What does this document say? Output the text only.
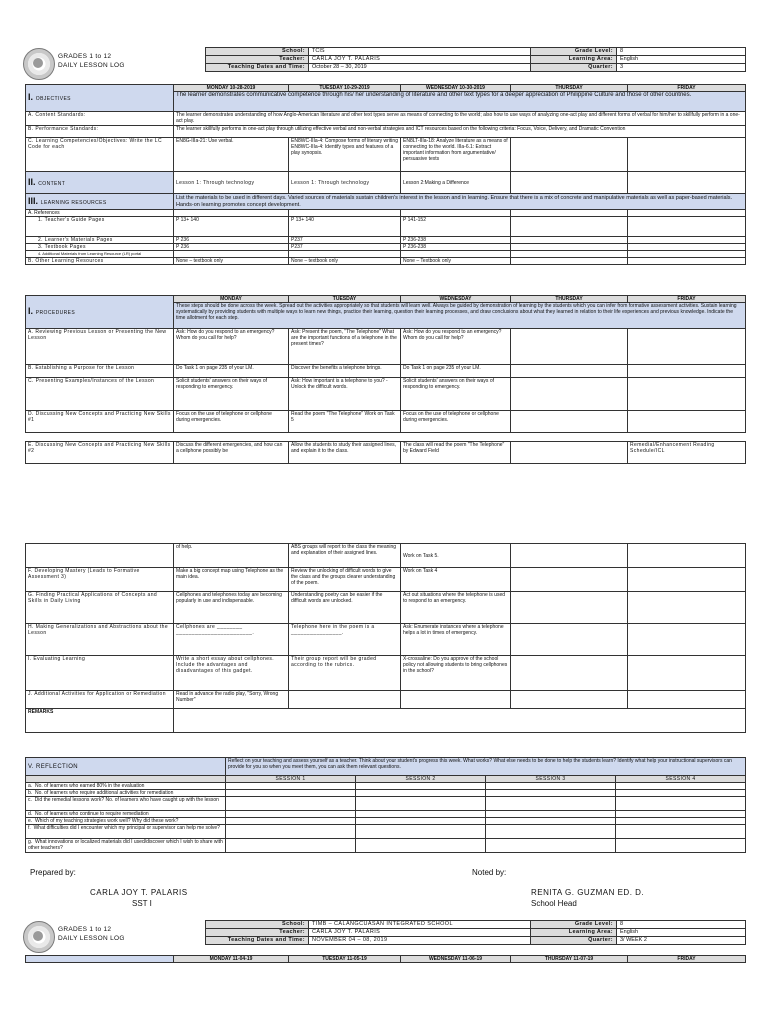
GRADES 1 to 12
DAILY LESSON LOG
School:	TCIS	Grade Level:	8
Teacher:	CARLA JOY T. PALARIS	Learning Area:	English
Teaching Dates and Time:	October 28 – 30, 2019	Quarter:	3
I. OBJECTIVES	MONDAY 10-28-2019	TUESDAY 10-29-2019	WEDNESDAY 10-30-2019	THURSDAY	FRIDAY
	The learner demonstrates communicative competence through his/ her understanding of literature and other text types for a deeper appreciation of Philippine Culture and those of other countries.				
A. Content Standards:	The learner demonstrates understanding of how Anglo-American literature and other text types serve as means of connecting to the world; also how to use ways of analyzing one-act play and different forms of verbal for him/her to skillfully perform in a one-act play.				
B. Performance Standards:	The learner skillfully performs in one-act play through utilizing effective verbal and non-verbal strategies and ICT resources based on the following criteria: Focus, Voice, Delivery, and Dramatic Convention				
C. Learning Competencies/Objectives: Write the LC Code for each	EN8G-IIIa-21: Use verbal.	EN8WC-IIIa-4: Compose forms of literary writing EN8WC-IIIa-4: Identify types and features of a play synopsis.	EN8LT-IIIa-18: Analyze literature as a means of connecting to the world. IIIa-6.1: Extract important information from argumentative/ persuasive texts		
II. CONTENT	Lesson 1: Through technology	Lesson 1: Through technology	Lesson 2:Making a Difference		
III. LEARNING RESOURCES	List the materials to be used in different days. Varied sources of materials sustain children's interest in the lesson and in learning. Ensure that there is a mix of concrete and manipulative materials as well as paper-based materials. Hands-on learning promotes concept development.				
A. References					
1. Teacher's Guide Pages	P 13+ 140	P 13+ 140	P 141-152		
2. Learner's Materials Pages	P 236	P237	P 236-238		
3. Textbook Pages	P 236	P237	P 236-238		
4. Additional Materials from Learning Resource (LR) portal					
B. Other Learning Resources	None – textbook only	None – textbook only	None – Textbook only		
I. PROCEDURES	MONDAY	TUESDAY	WEDNESDAY	THURSDAY	FRIDAY
	These steps should be done across the week. Spread out the activities appropriately so that students will learn well. Always be guided by demonstration of learning by the students which you can infer from formative assessment activities. Sustain learning systematically by providing students with multiple ways to learn new things, practice their learning, question their learning processes, and draw conclusions about what they learned in relation to their life experiences and previous knowledge. Indicate the time allotment for each step.				
A. Reviewing Previous Lesson or Presenting the New Lesson	Ask: How do you respond to an emergency? Whom do you call for help?	Ask: Present the poem, "The Telephone" What are the important functions of a telephone in the present times?	Ask: How do you respond to an emergency? Whom do you call for help?		
B. Establishing a Purpose for the Lesson	Do Task 1 on page 235 of your LM.	Discover the benefits a telephone brings.	Do Task 1 on page 235 of your LM.		
C. Presenting Examples/Instances of the Lesson	Solicit students' answers on their ways of responding to emergency.	Ask: How important is a telephone to you? -Unlock the difficult words.	Solicit students' answers on their ways of responding to emergency.		
D. Discussing New Concepts and Practicing New Skills #1	Focus on the use of telephone or cellphone during emergencies.	Read the poem "The Telephone" Work on Task 5	Focus on the use of telephone or cellphone during emergencies.		
E. Discussing New Concepts and Practicing New Skills #2	Discuss the different emergencies, and how can a cellphone possibly be	Allow the students to study their assigned lines, and explain it to the class.	The class will read the poem "The Telephone" by Edward Field		Remedial/Enhancement Reading Schedule/ICL
	of help.	ABS groups will report to the class the meaning and explanation of their assigned lines.	Work on Task 5.		
F. Developing Mastery (Leads to Formative Assessment 3)	Make a big concept map using Telephone as the main idea.	Review the unlocking of difficult words to give the class and the groups clearer understanding of the poem.	Work on Task 4		
G. Finding Practical Applications of Concepts and Skills in Daily Living	Cellphones and telephones today are becoming popularly in use and indispensable.	Understanding poetry can be easier if the difficult words are unlocked.	Act out situations where the telephone is used to respond to an emergency.		
H. Making Generalizations and Abstractions about the Lesson	Cellphones are ________ ________________________.	Telephone here in the poem is a ________________.	Ask: Enumerate instances where a telephone helps a lot in times of emergency.		
I. Evaluating Learning	Write a short essay about cellphones. Include the advantages and disadvantages of this gadget.	Their group report will be graded according to the rubrics.	X-crossaline: Do you approve of the school policy not allowing students to bring cellphones in the school?		
J. Additional Activities for Application or Remediation	Read in advance the radio play, "Sorry, Wrong Number"				
REMARKS					
V. REFLECTION	Reflect on your teaching and assess yourself as a teacher. Think about your student's progress this week. What works? What else needs to be done to help the students learn? Identify what help your instructional supervisors can provide for you so when you meet them, you can ask them relevant questions.			
	SESSION 1	SESSION 2	SESSION 3	SESSION 4
a. No. of learners who earned 80% in the evaluation				
b. No. of learners who require additional activities for remediation				
c. Did the remedial lessons work? No. of learners who have caught up with the lesson				
d. No. of learners who continue to require remediation				
e. Which of my teaching strategies work well? Why did these work?				
f. What difficulties did I encounter which my principal or supervisor can help me solve?				
g. What innovations or localized materials did I used/discover which I wish to share with other teachers?				
Prepared by:	Noted by:
CARLA JOY T. PALARIS
SST I
RENITA G. GUZMAN ED. D.
School Head
GRADES 1 to 12
DAILY LESSON LOG
School:	TIMB – CALANGCUASAN INTEGRATED SCHOOL	Grade Level:	8
Teacher:	CARLA JOY T. PALARIS	Learning Area:	English
Teaching Dates and Time:	NOVEMBER 04 – 08, 2019	Quarter:	3/ WEEK 2
	MONDAY 11-04-19	TUESDAY 11-05-19	WEDNESDAY 11-06-19	THURSDAY 11-07-19	FRIDAY
